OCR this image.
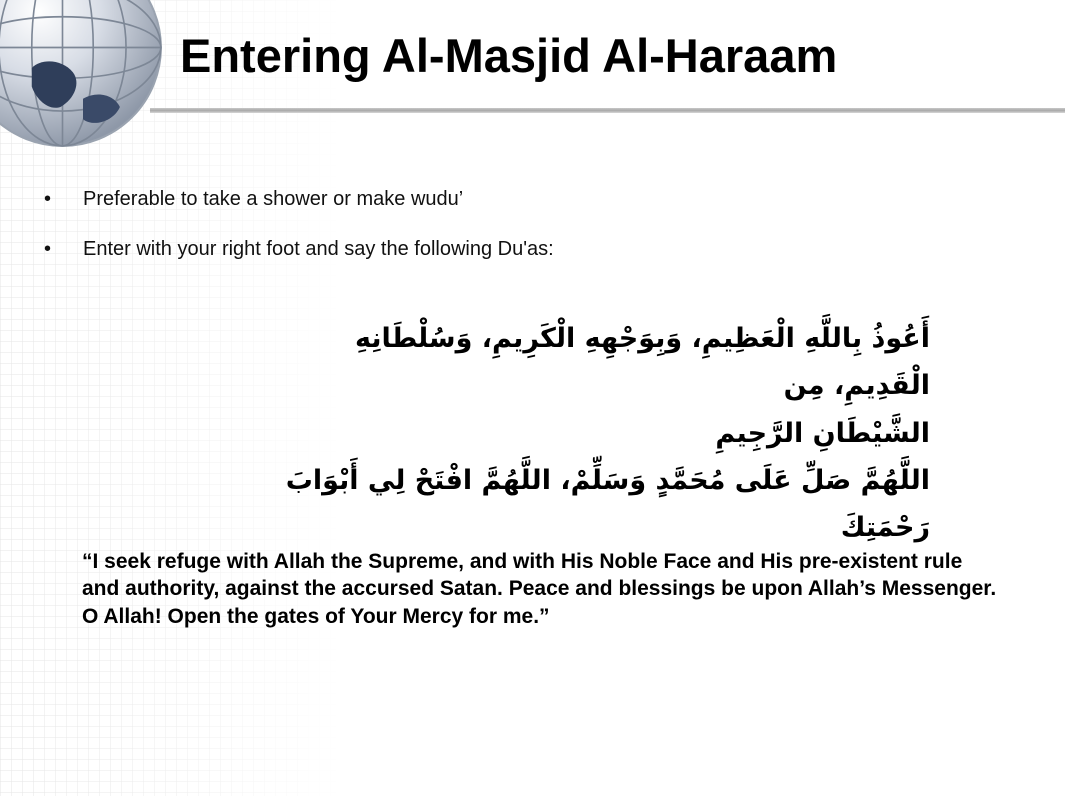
Entering Al-Masjid Al-Haraam
• Preferable to take a shower or make wudu’
• Enter with your right foot and say the following Du'as:
أَعُوذُ بِاللَّهِ الْعَظِيمِ، وَبِوَجْهِهِ الْكَرِيمِ، وَسُلْطَانِهِ الْقَدِيمِ، مِن
الشَّيْطَانِ الرَّجِيمِ
اللَّهُمَّ صَلِّ عَلَى مُحَمَّدٍ وَسَلِّمْ، اللَّهُمَّ افْتَحْ لِي أَبْوَابَ
رَحْمَتِكَ

“I seek refuge with Allah the Supreme, and with His Noble Face and His pre-existent rule and authority, against the accursed Satan. Peace and blessings be upon Allah’s Messenger. O Allah! Open the gates of Your Mercy for me.”
